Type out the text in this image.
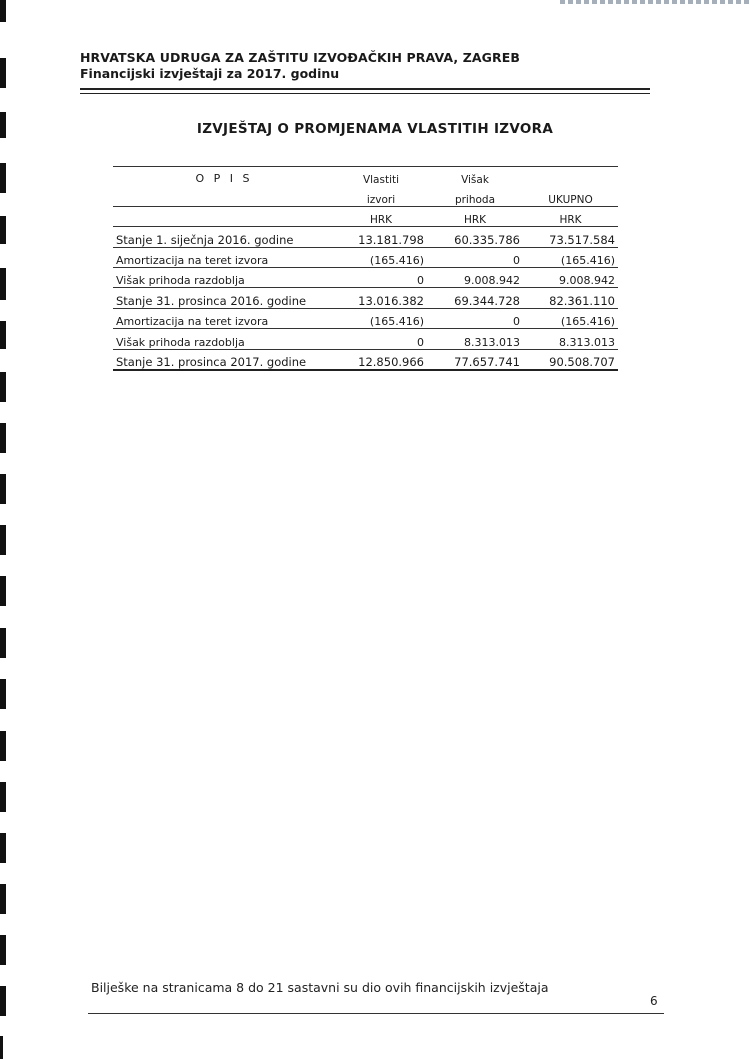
HRVATSKA UDRUGA ZA ZAŠTITU IZVOĐAČKIH PRAVA, ZAGREB
Financijski izvještaji za 2017. godinu
IZVJEŠTAJ O PROMJENAMA VLASTITIH IZVORA
O P I S	Vlastiti	Višak	
	izvori	prihoda	UKUPNO
	HRK	HRK	HRK
Stanje 1. siječnja 2016. godine	13.181.798	60.335.786	73.517.584
Amortizacija na teret izvora	(165.416)	0	(165.416)
Višak prihoda razdoblja	0	9.008.942	9.008.942
Stanje 31. prosinca 2016. godine	13.016.382	69.344.728	82.361.110
Amortizacija na teret izvora	(165.416)	0	(165.416)
Višak prihoda razdoblja	0	8.313.013	8.313.013
Stanje 31. prosinca 2017. godine	12.850.966	77.657.741	90.508.707
Bilješke na stranicama 8 do 21 sastavni su dio ovih financijskih izvještaja
6
